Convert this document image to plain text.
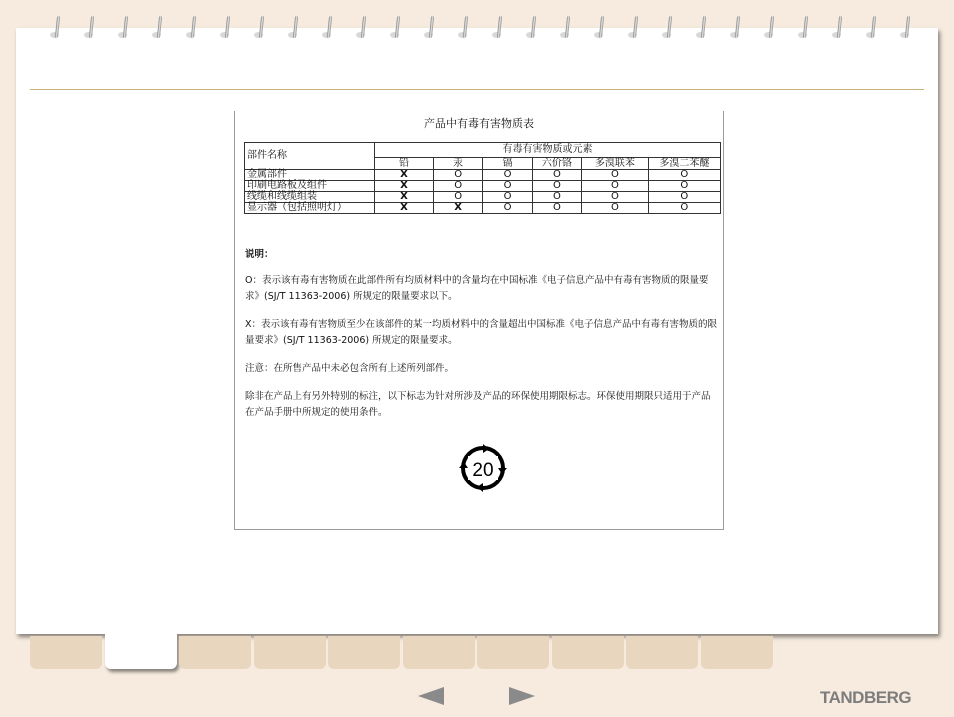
产品中有毒有害物质表
部件名称	有毒有害物质或元素					
	铅	汞	镉	六价铬	多溴联苯	多溴二苯醚
金属部件	X	O	O	O	O	O
印刷电路板及组件	X	O	O	O	O	O
线缆和线缆组装	X	O	O	O	O	O
显示器（包括照明灯）	X	X	O	O	O	O

说明：

O：表示该有毒有害物质在此部件所有均质材料中的含量均在中国标准《电子信息产品中有毒有害物质的限量要求》(SJ/T 11363-2006) 所规定的限量要求以下。

X：表示该有毒有害物质至少在该部件的某一均质材料中的含量超出中国标准《电子信息产品中有毒有害物质的限量要求》(SJ/T 11363-2006) 所规定的限量要求。

注意：在所售产品中未必包含所有上述所列部件。

除非在产品上有另外特别的标注，以下标志为针对所涉及产品的环保使用期限标志。环保使用期限只适用于产品在产品手册中所规定的使用条件。

20
TANDBERG
